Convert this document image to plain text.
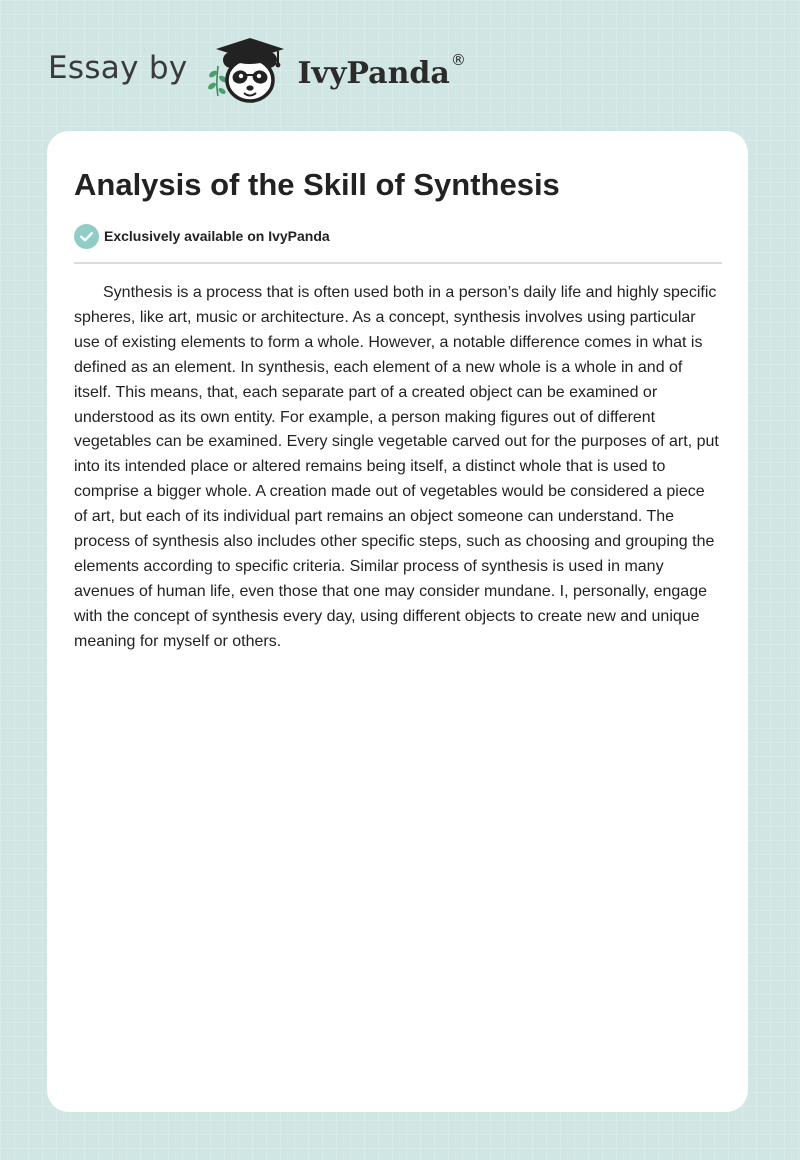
Essay by	IvyPanda ®
Analysis of the Skill of Synthesis
Exclusively available on IvyPanda

Synthesis is a process that is often used both in a person’s daily life and highly specific spheres, like art, music or architecture. As a concept, synthesis involves using particular use of existing elements to form a whole. However, a notable difference comes in what is defined as an element. In synthesis, each element of a new whole is a whole in and of itself. This means, that, each separate part of a created object can be examined or understood as its own entity. For example, a person making figures out of different vegetables can be examined. Every single vegetable carved out for the purposes of art, put into its intended place or altered remains being itself, a distinct whole that is used to comprise a bigger whole. A creation made out of vegetables would be considered a piece of art, but each of its individual part remains an object someone can understand. The process of synthesis also includes other specific steps, such as choosing and grouping the elements according to specific criteria. Similar process of synthesis is used in many avenues of human life, even those that one may consider mundane. I, personally, engage with the concept of synthesis every day, using different objects to create new and unique meaning for myself or others.
